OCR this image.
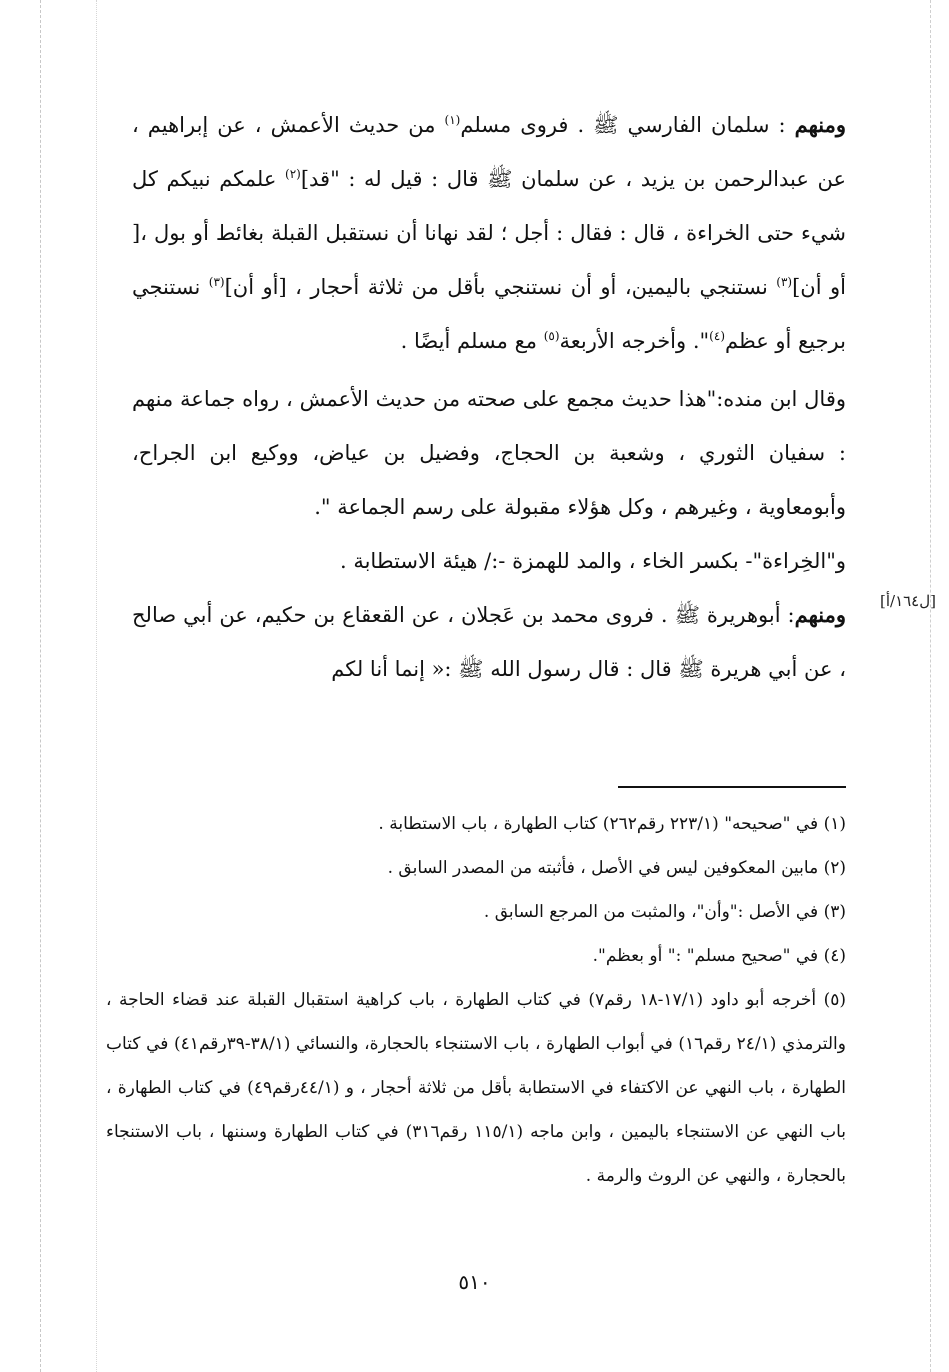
[ل١٦٤/أ]

ومنهم : سلمان الفارسي ﷺ . فروى مسلم$^{(١)}$ من حديث الأعمش ، عن إبراهيم ، عن عبدالرحمن بن يزيد ، عن سلمان ﷺ قال : قيل له : "قد]$^{(٢)}$ علمكم نبيكم كل شيء حتى الخراءة ، قال : فقال : أجل ؛ لقد نهانا أن نستقبل القبلة بغائط أو بول ،[ أو أن]$^{(٣)}$ نستنجي باليمين، أو أن نستنجي بأقل من ثلاثة أحجار ، [أو أن]$^{(٣)}$ نستنجي برجيع أو عظم$^{(٤)}$". وأخرجه الأربعة$^{(٥)}$ مع مسلم أيضًا .

وقال ابن منده:"هذا حديث مجمع على صحته من حديث الأعمش ، رواه جماعة منهم : سفيان الثوري ، وشعبة بن الحجاج، وفضيل بن عياض، ووكيع ابن الجراح، وأبومعاوية ، وغيرهم ، وكل هؤلاء مقبولة على رسم الجماعة ".

و"الخِراءة"- بكسر الخاء ، والمد للهمزة -:/ هيئة الاستطابة .

ومنهم: أبوهريرة ﷺ . فروى محمد بن عَجلان ، عن القعقاع بن حكيم، عن أبي صالح ، عن أبي هريرة ﷺ قال : قال رسول الله ﷺ :« إنما أنا لكم

(١) في "صحيحه" (٢٢٣/١ رقم٢٦٢) كتاب الطهارة ، باب الاستطابة .

(٢) مابين المعكوفين ليس في الأصل ، فأثبته من المصدر السابق .

(٣) في الأصل :"وأن"، والمثبت من المرجع السابق .

(٤) في "صحيح مسلم" :" أو بعظم".

(٥) أخرجه أبو داود (١٧/١-١٨ رقم٧) في كتاب الطهارة ، باب كراهية استقبال القبلة عند قضاء الحاجة ، والترمذي (٢٤/١ رقم١٦) في أبواب الطهارة ، باب الاستنجاء بالحجارة، والنسائي (٣٨/١-٣٩رقم٤١) في كتاب الطهارة ، باب النهي عن الاكتفاء في الاستطابة بأقل من ثلاثة أحجار ، و (٤٤/١رقم٤٩) في كتاب الطهارة ، باب النهي عن الاستنجاء باليمين ، وابن ماجه (١١٥/١ رقم٣١٦) في كتاب الطهارة وسننها ، باب الاستنجاء بالحجارة ، والنهي عن الروث والرمة .

٥١٠
